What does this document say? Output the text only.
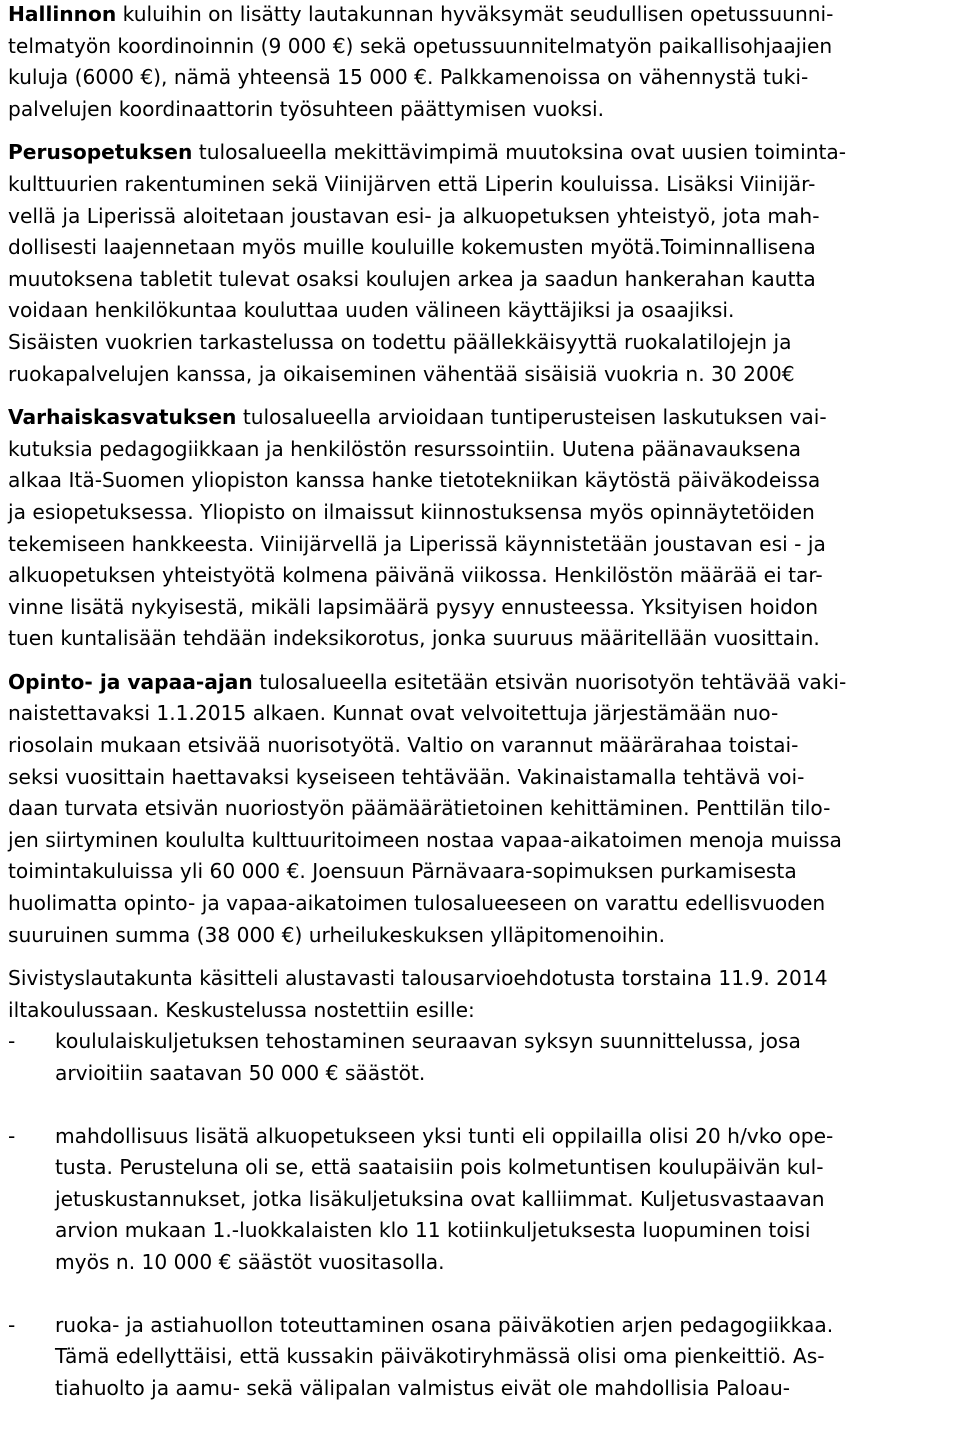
Hallinnon kuluihin on lisätty lautakunnan hyväksymät seudullisen opetussuunni-
telmatyön koordinoinnin (9 000 €) sekä opetussuunnitelmatyön paikallisohjaajien
kuluja (6000 €), nämä yhteensä 15 000 €. Palkkamenoissa on vähennystä tuki-
palvelujen koordinaattorin työsuhteen päättymisen vuoksi.
Perusopetuksen tulosalueella mekittävimpimä muutoksina ovat uusien toiminta-
kulttuurien rakentuminen sekä Viinijärven että Liperin kouluissa. Lisäksi Viinijär-
vellä ja Liperissä aloitetaan joustavan esi- ja alkuopetuksen yhteistyö, jota mah-
dollisesti laajennetaan myös muille kouluille kokemusten myötä.Toiminnallisena
muutoksena tabletit tulevat osaksi koulujen arkea ja saadun hankerahan kautta
voidaan henkilökuntaa kouluttaa uuden välineen käyttäjiksi ja osaajiksi.
Sisäisten vuokrien tarkastelussa on todettu päällekkäisyyttä ruokalatilojejn ja
ruokapalvelujen kanssa, ja oikaiseminen vähentää sisäisiä vuokria n. 30 200€
Varhaiskasvatuksen tulosalueella arvioidaan tuntiperusteisen laskutuksen vai-
kutuksia pedagogiikkaan ja henkilöstön resurssointiin. Uutena päänavauksena
alkaa Itä-Suomen yliopiston kanssa hanke tietotekniikan käytöstä päiväkodeissa
ja esiopetuksessa. Yliopisto on ilmaissut kiinnostuksensa myös opinnäytetöiden
tekemiseen hankkeesta. Viinijärvellä ja Liperissä käynnistetään joustavan esi - ja
alkuopetuksen yhteistyötä kolmena päivänä viikossa. Henkilöstön määrää ei tar-
vinne lisätä nykyisestä, mikäli lapsimäärä pysyy ennusteessa. Yksityisen hoidon
tuen kuntalisään tehdään indeksikorotus, jonka suuruus määritellään vuosittain.
Opinto- ja vapaa-ajan tulosalueella esitetään etsivän nuorisotyön tehtävää vaki-
naistettavaksi 1.1.2015 alkaen. Kunnat ovat velvoitettuja järjestämään nuo-
riosolain mukaan etsivää nuorisotyötä. Valtio on varannut määrärahaa toistai-
seksi vuosittain haettavaksi kyseiseen tehtävään. Vakinaistamalla tehtävä voi-
daan turvata etsivän nuoriostyön päämäärätietoinen kehittäminen. Penttilän tilo-
jen siirtyminen koululta kulttuuritoimeen nostaa vapaa-aikatoimen menoja muissa
toimintakuluissa yli 60 000 €. Joensuun Pärnävaara-sopimuksen purkamisesta
huolimatta opinto- ja vapaa-aikatoimen tulosalueeseen on varattu edellisvuoden
suuruinen summa (38 000 €) urheilukeskuksen ylläpitomenoihin.
Sivistyslautakunta käsitteli alustavasti talousarvioehdotusta torstaina 11.9. 2014
iltakoulussaan. Keskustelussa nostettiin esille:
- koululaiskuljetuksen tehostaminen seuraavan syksyn suunnittelussa, josa
arvioitiin saatavan 50 000 € säästöt.
- mahdollisuus lisätä alkuopetukseen yksi tunti eli oppilailla olisi 20 h/vko ope-
tusta. Perusteluna oli se, että saataisiin pois kolmetuntisen koulupäivän kul-
jetuskustannukset, jotka lisäkuljetuksina ovat kalliimmat. Kuljetusvastaavan
arvion mukaan 1.-luokkalaisten klo 11 kotiinkuljetuksesta luopuminen toisi
myös n. 10 000 € säästöt vuositasolla.
- ruoka- ja astiahuollon toteuttaminen osana päiväkotien arjen pedagogiikkaa.
Tämä edellyttäisi, että kussakin päiväkotiryhmässä olisi oma pienkeittiö. As-
tiahuolto ja aamu- sekä välipalan valmistus eivät ole mahdollisia Paloau-
